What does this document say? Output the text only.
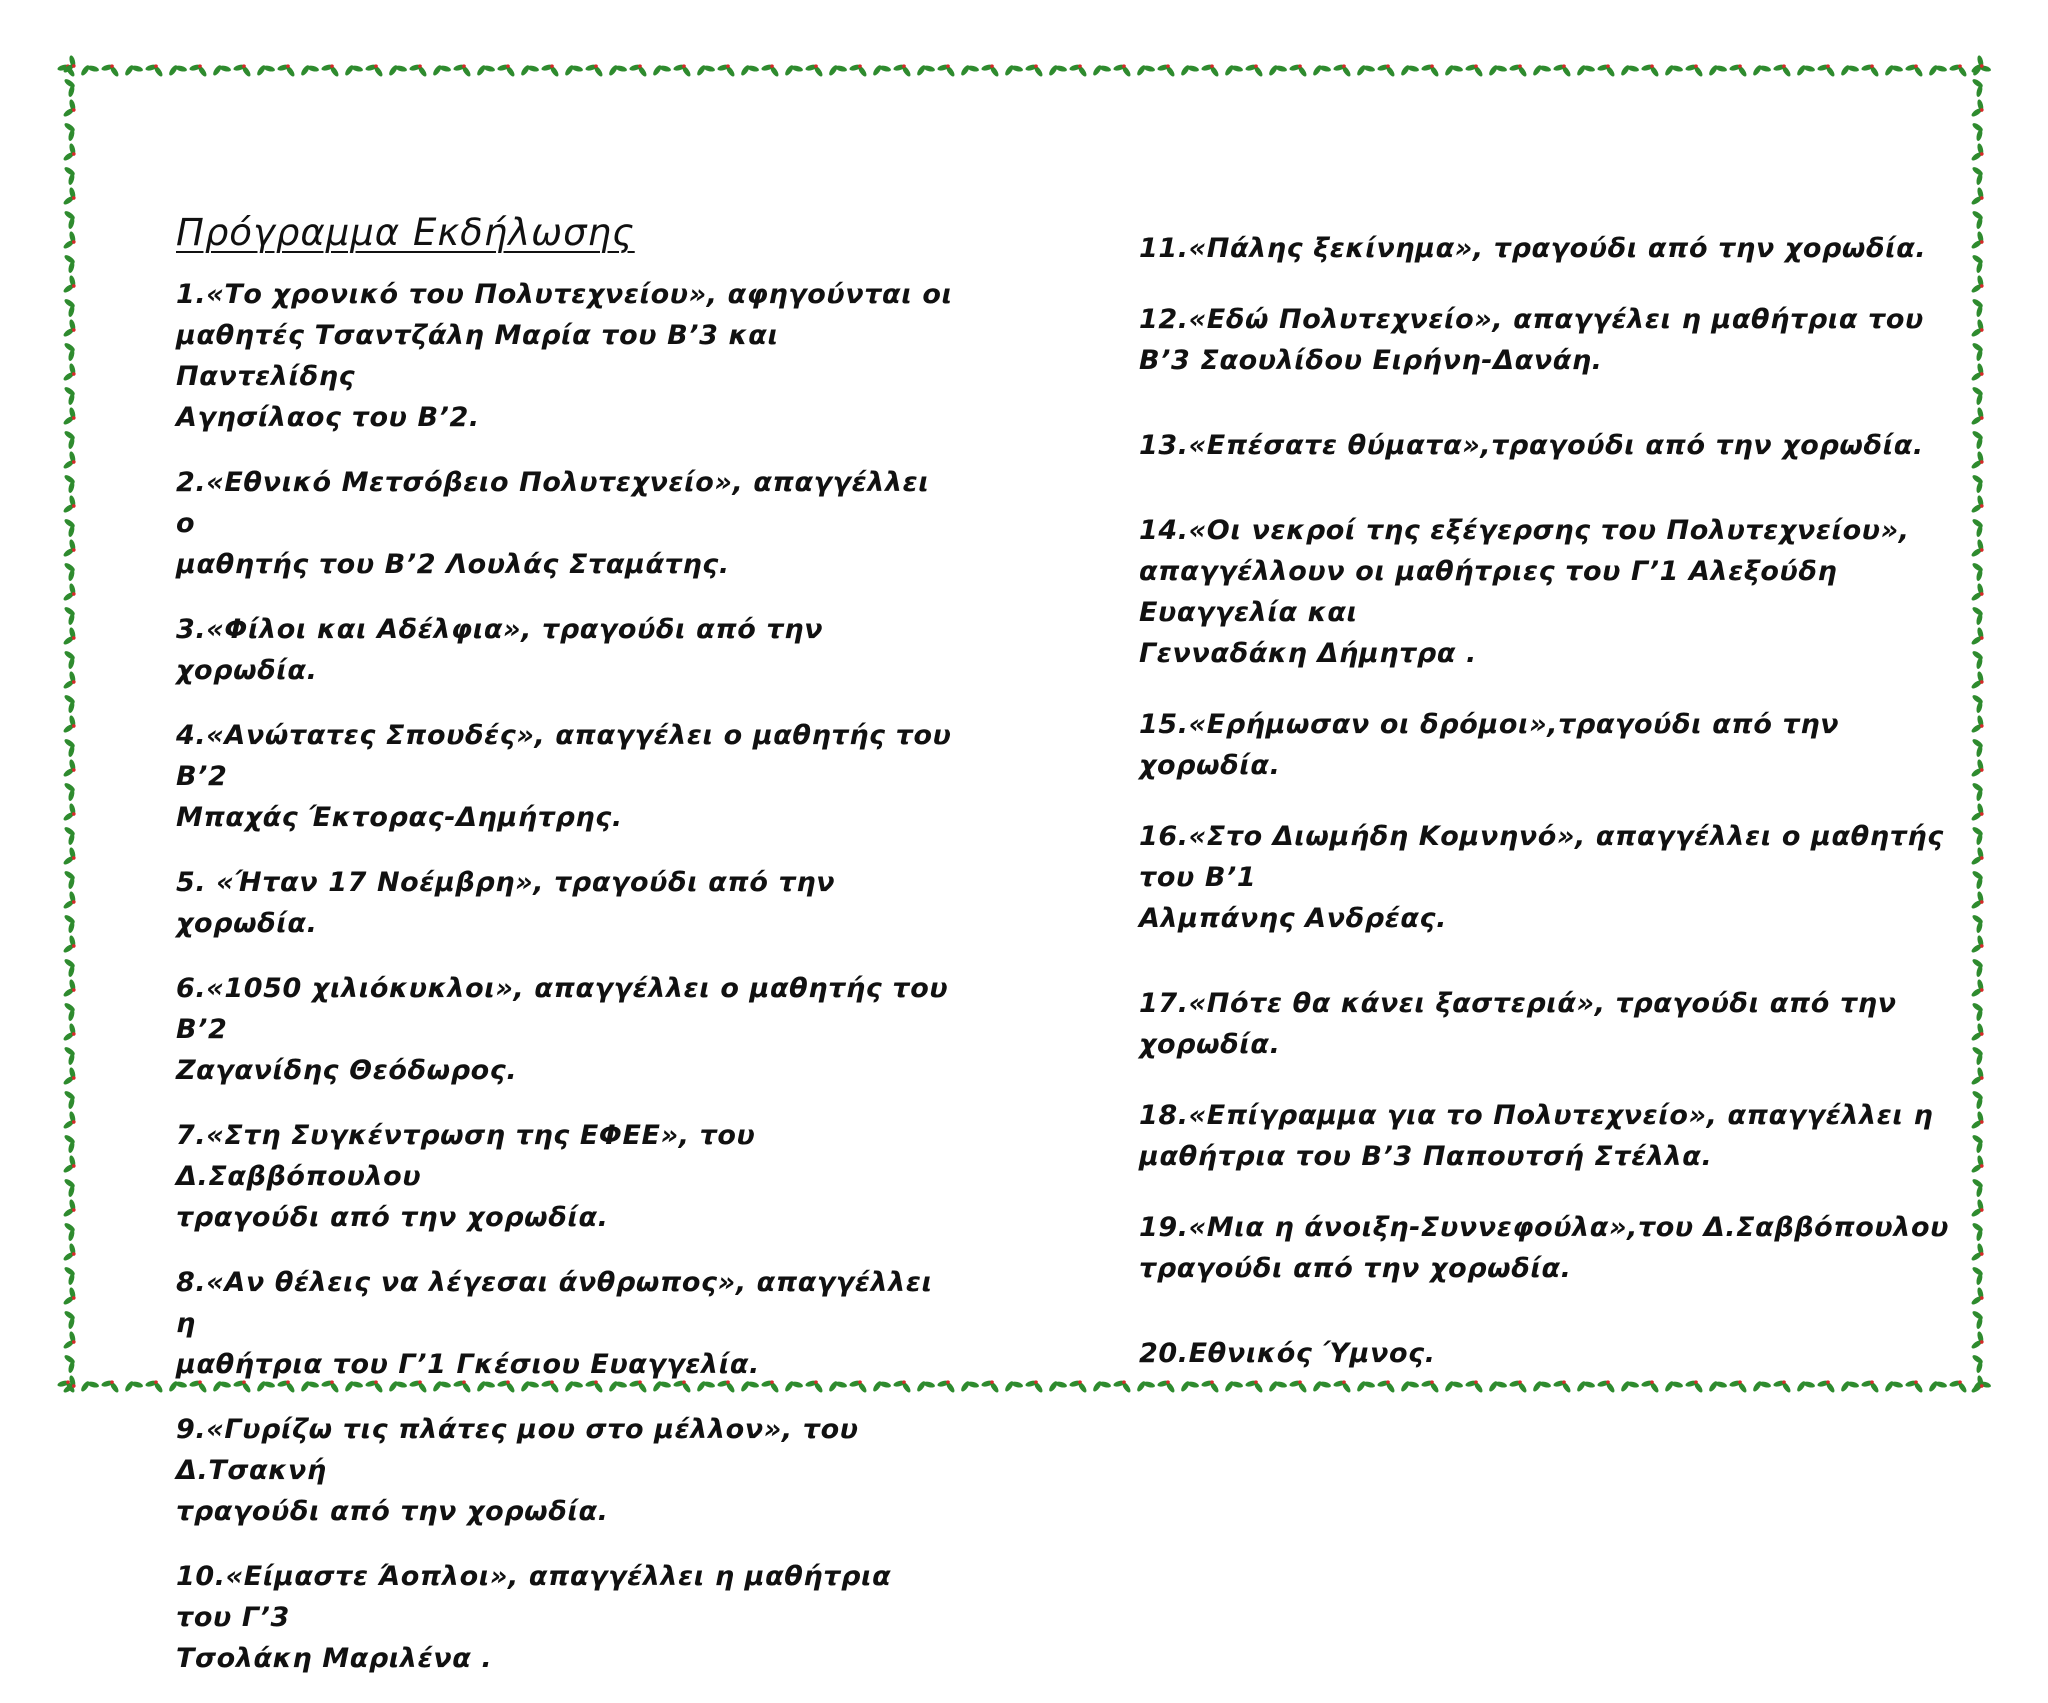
Πρόγραμμα Εκδήλωσης

1.«Το χρονικό του Πολυτεχνείου», αφηγούνται οι
μαθητές Τσαντζάλη Μαρία του Β’3 και Παντελίδης
Αγησίλαος του Β’2.

2.«Εθνικό Μετσόβειο Πολυτεχνείο», απαγγέλλει ο
μαθητής του Β’2 Λουλάς Σταμάτης.

3.«Φίλοι και Αδέλφια», τραγούδι από την χορωδία.

4.«Ανώτατες Σπουδές», απαγγέλει ο μαθητής του Β’2
Μπαχάς Έκτορας-Δημήτρης.

5. «Ήταν 17 Νοέμβρη», τραγούδι από την χορωδία.

6.«1050 χιλιόκυκλοι», απαγγέλλει ο μαθητής του Β’2
Ζαγανίδης Θεόδωρος.

7.«Στη Συγκέντρωση της ΕΦΕΕ», του Δ.Σαββόπουλου
τραγούδι από την χορωδία.

8.«Αν θέλεις να λέγεσαι άνθρωπος», απαγγέλλει η
μαθήτρια του Γ’1 Γκέσιου Ευαγγελία.

9.«Γυρίζω τις πλάτες μου στο μέλλον», του Δ.Τσακνή
τραγούδι από την χορωδία.

10.«Είμαστε Άοπλοι», απαγγέλλει η μαθήτρια του Γ’3
Τσολάκη Μαριλένα .

11.«Πάλης ξεκίνημα», τραγούδι από την χορωδία.

12.«Εδώ Πολυτεχνείο», απαγγέλει η μαθήτρια του
Β’3 Σαουλίδου Ειρήνη-Δανάη.

13.«Επέσατε θύματα»,τραγούδι από την χορωδία.

14.«Οι νεκροί της εξέγερσης του Πολυτεχνείου»,
απαγγέλλουν οι μαθήτριες του Γ’1 Αλεξούδη Ευαγγελία και
Γενναδάκη Δήμητρα .

15.«Ερήμωσαν οι δρόμοι»,τραγούδι από την χορωδία.

16.«Στο Διωμήδη Κομνηνό», απαγγέλλει ο μαθητής του Β’1
Αλμπάνης Ανδρέας.

17.«Πότε θα κάνει ξαστεριά», τραγούδι από την χορωδία.

18.«Επίγραμμα για το Πολυτεχνείο», απαγγέλλει η
μαθήτρια του Β’3 Παπουτσή Στέλλα.

19.«Μια η άνοιξη-Συννεφούλα»,του Δ.Σαββόπουλου
τραγούδι από την χορωδία.

20.Εθνικός Ύμνος.
